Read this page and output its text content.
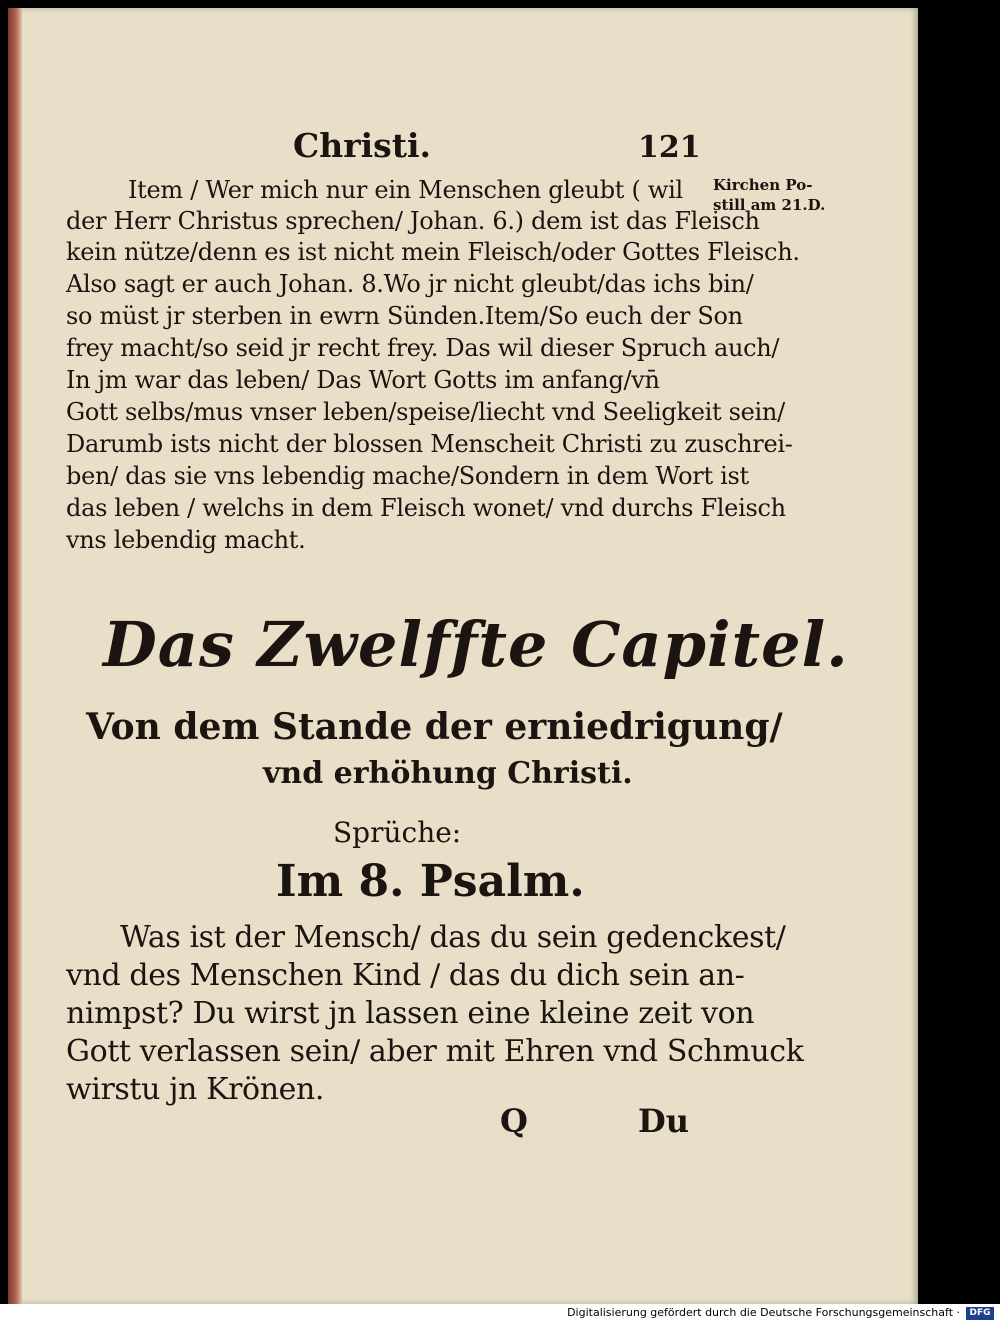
Christi.	121
Kirchen Po-
still am 21.D.
Item / Wer mich nur ein Menschen gleubt ( wil
der Herr Christus sprechen/ Johan. 6.) dem ist das Fleisch
kein nütze/denn es ist nicht mein Fleisch/oder Gottes Fleisch.
Also sagt er auch Johan. 8.Wo jr nicht gleubt/das ichs bin/
so müst jr sterben in ewrn Sünden.Item/So euch der Son
frey macht/so seid jr recht frey. Das wil dieser Spruch auch/
In jm war das leben/ Das Wort Gotts im anfang/vn̄
Gott selbs/mus vnser leben/speise/liecht vnd Seeligkeit sein/
Darumb ists nicht der blossen Menscheit Christi zu zuschrei-
ben/ das sie vns lebendig mache/Sondern in dem Wort ist
das leben / welchs in dem Fleisch wonet/ vnd durchs Fleisch
vns lebendig macht.
Das Zwelffte Capitel.
Von dem Stande der erniedrigung/
vnd erhöhung Christi.
Sprüche:
Im 8. Psalm.
Was ist der Mensch/ das du sein gedenckest/
vnd des Menschen Kind / das du dich sein an-
nimpst? Du wirst jn lassen eine kleine zeit von
Gott verlassen sein/ aber mit Ehren vnd Schmuck
wirstu jn Krönen.
Q	Du
Digitalisierung gefördert durch die Deutsche Forschungsgemeinschaft ·	DFG
